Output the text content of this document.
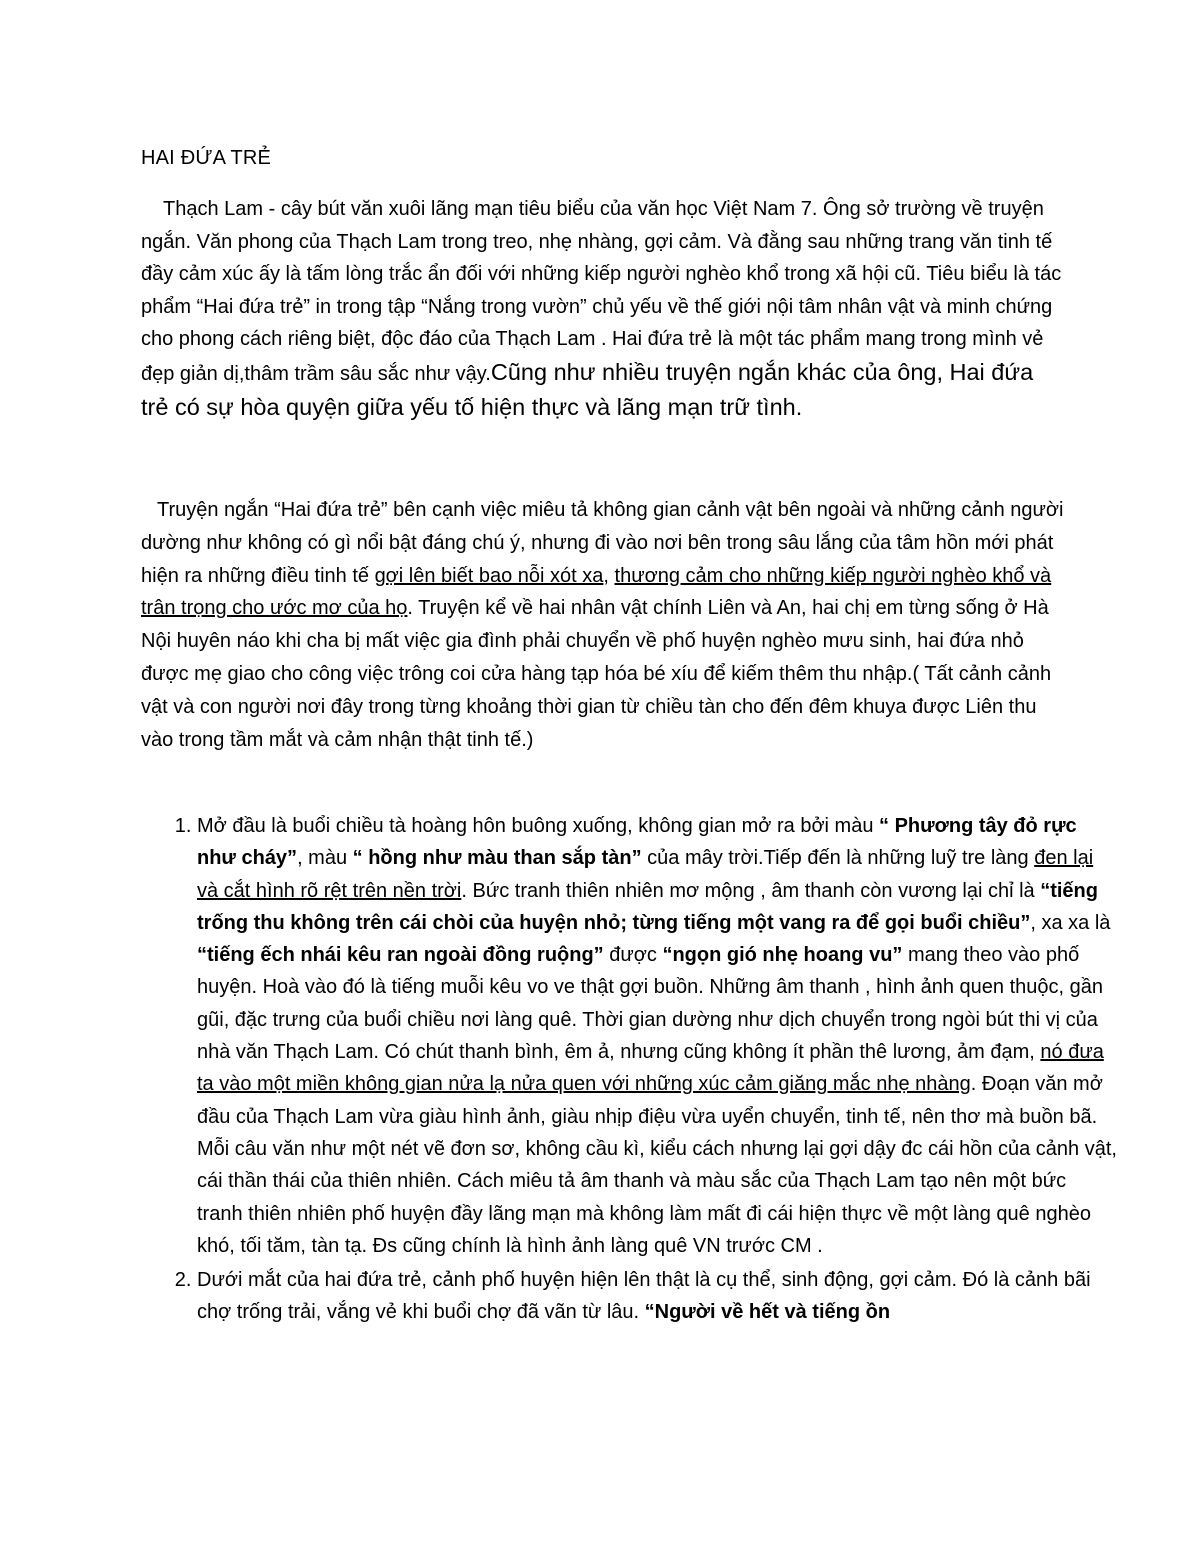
HAI ĐỨA TRẺ

Thạch Lam - cây bút văn xuôi lãng mạn tiêu biểu của văn học Việt Nam 7. Ông sở trường về truyện ngắn. Văn phong của Thạch Lam trong treo, nhẹ nhàng, gợi cảm. Và đằng sau những trang văn tinh tế đầy cảm xúc ấy là tấm lòng trắc ẩn đối với những kiếp người nghèo khổ trong xã hội cũ. Tiêu biểu là tác phẩm “Hai đứa trẻ” in trong tập “Nắng trong vườn” chủ yếu về thế giới nội tâm nhân vật và minh chứng cho phong cách riêng biệt, độc đáo của Thạch Lam . Hai đứa trẻ là một tác phẩm mang trong mình vẻ đẹp giản dị,thâm trầm sâu sắc như vậy.Cũng như nhiều truyện ngắn khác của ông, Hai đứa trẻ có sự hòa quyện giữa yếu tố hiện thực và lãng mạn trữ tình.

Truyện ngắn “Hai đứa trẻ” bên cạnh việc miêu tả không gian cảnh vật bên ngoài và những cảnh người dường như không có gì nổi bật đáng chú ý, nhưng đi vào nơi bên trong sâu lắng của tâm hồn mới phát hiện ra những điều tinh tế gợi lên biết bao nỗi xót xa, thương cảm cho những kiếp người nghèo khổ và trân trọng cho ước mơ của họ. Truyện kể về hai nhân vật chính Liên và An, hai chị em từng sống ở Hà Nội huyên náo khi cha bị mất việc gia đình phải chuyển về phố huyện nghèo mưu sinh, hai đứa nhỏ được mẹ giao cho công việc trông coi cửa hàng tạp hóa bé xíu để kiếm thêm thu nhập.( Tất cảnh cảnh vật và con người nơi đây trong từng khoảng thời gian từ chiều tàn cho đến đêm khuya được Liên thu vào trong tầm mắt và cảm nhận thật tinh tế.)

1. Mở đầu là buổi chiều tà hoàng hôn buông xuống, không gian mở ra bởi màu “ Phương tây đỏ rực như cháy”, màu “ hồng như màu than sắp tàn” của mây trời.Tiếp đến là những luỹ tre làng đen lại và cắt hình rõ rệt trên nền trời. Bức tranh thiên nhiên mơ mộng , âm thanh còn vương lại chỉ là “tiếng trống thu không trên cái chòi của huyện nhỏ; từng tiếng một vang ra để gọi buổi chiều”, xa xa là “tiếng ếch nhái kêu ran ngoài đồng ruộng” được “ngọn gió nhẹ hoang vu” mang theo vào phố huyện. Hoà vào đó là tiếng muỗi kêu vo ve thật gợi buồn. Những âm thanh , hình ảnh quen thuộc, gần gũi, đặc trưng của buổi chiều nơi làng quê. Thời gian dường như dịch chuyển trong ngòi bút thi vị của nhà văn Thạch Lam. Có chút thanh bình, êm ả, nhưng cũng không ít phần thê lương, ảm đạm, nó đưa ta vào một miền không gian nửa lạ nửa quen với những xúc cảm giăng mắc nhẹ nhàng. Đoạn văn mở đầu của Thạch Lam vừa giàu hình ảnh, giàu nhịp điệu vừa uyển chuyển, tinh tế, nên thơ mà buồn bã. Mỗi câu văn như một nét vẽ đơn sơ, không cầu kì, kiểu cách nhưng lại gợi dậy đc cái hồn của cảnh vật, cái thần thái của thiên nhiên. Cách miêu tả âm thanh và màu sắc của Thạch Lam tạo nên một bức tranh thiên nhiên phố huyện đầy lãng mạn mà không làm mất đi cái hiện thực về một làng quê nghèo khó, tối tăm, tàn tạ. Đs cũng chính là hình ảnh làng quê VN trước CM .
2. Dưới mắt của hai đứa trẻ, cảnh phố huyện hiện lên thật là cụ thể, sinh động, gợi cảm. Đó là cảnh bãi chợ trống trải, vắng vẻ khi buổi chợ đã vãn từ lâu. “Người về hết và tiếng ồn
